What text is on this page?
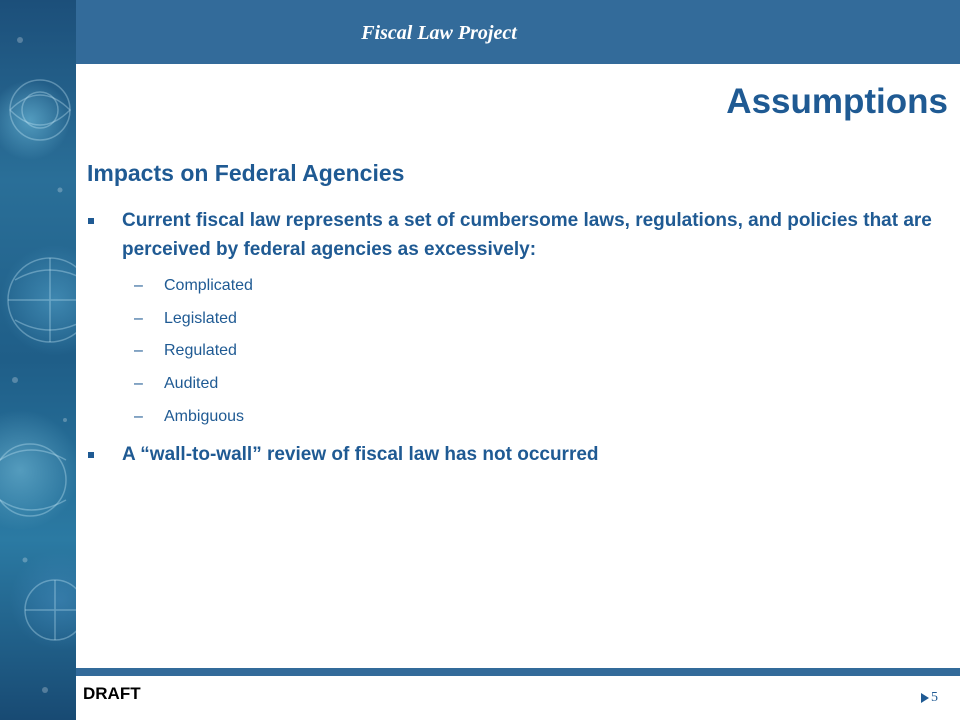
Fiscal Law Project
Assumptions
Impacts on Federal Agencies
Current fiscal law represents a set of cumbersome laws, regulations, and policies that are perceived by federal agencies as excessively:
– Complicated
– Legislated
– Regulated
– Audited
– Ambiguous
A “wall-to-wall” review of fiscal law has not occurred
DRAFT	5
